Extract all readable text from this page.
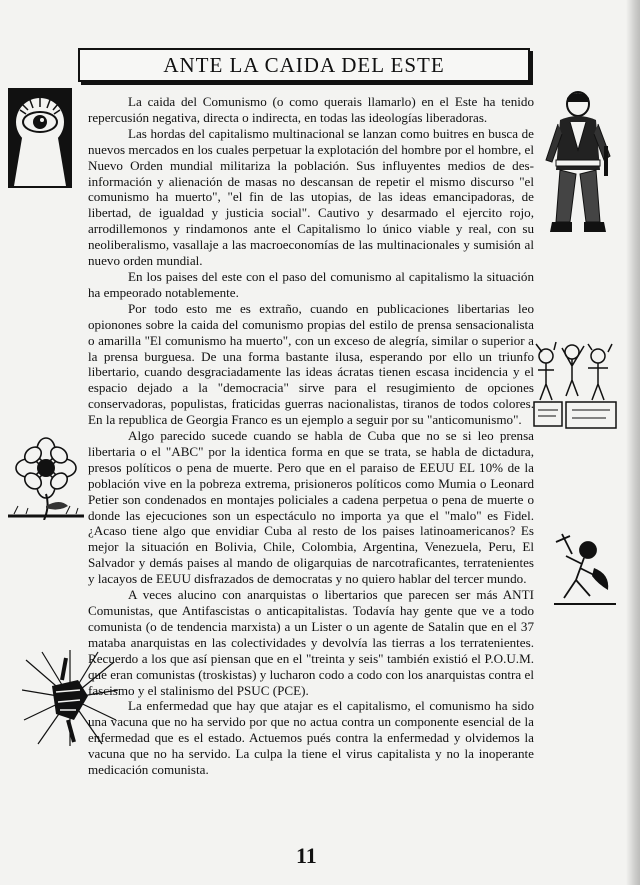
ANTE LA CAIDA DEL ESTE

La caida del Comunismo (o como querais llamarlo) en el Este ha tenido repercusión negativa, directa o indirecta, en todas las ideologías liberadoras.

Las hordas del capitalismo multinacional se lanzan como buitres en busca de nuevos mercados en los cuales perpetuar la explotación del hombre por el hombre, el Nuevo Orden mundial militariza la población. Sus influyentes medios de des-información y alienación de masas no descansan de repetir el mismo discurso "el comunismo ha muerto", "el fin de las utopias, de las ideas emancipadoras, de libertad, de igualdad y justicia social". Cautivo y desarmado el ejercito rojo, arrodillemonos y rindamonos ante el Capitalismo lo único viable y real, con su neoliberalismo, vasallaje a las macroeconomías de las multinacionales y sumisión al nuevo orden mundial.

En los paises del este con el paso del comunismo al capitalismo la situación ha empeorado notablemente.

Por todo esto me es extraño, cuando en publicaciones libertarias leo opionones sobre la caida del comunismo propias del estilo de prensa sensacionalista o amarilla "El comunismo ha muerto", con un exceso de alegría, similar o superior a la prensa burguesa. De una forma bastante ilusa, esperando por ello un triunfo libertario, cuando desgraciadamente las ideas ácratas tienen escasa incidencia y el espacio dejado a la "democracia" sirve para el resugimiento de opciones conservadoras, populistas, fraticidas guerras nacionalistas, tiranos de todos colores. En la republica de Georgia Franco es un ejemplo a seguir por su "anticomunismo".

Algo parecido sucede cuando se habla de Cuba que no se si leo prensa libertaria o el "ABC" por la identica forma en que se trata, se habla de dictadura, presos políticos o pena de muerte. Pero que en el paraiso de EEUU EL 10% de la población vive en la pobreza extrema, prisioneros políticos como Mumia o Leonard Petier son condenados en montajes policiales a cadena perpetua o pena de muerte o donde las ejecuciones son un espectáculo no importa ya que el "malo" es Fidel. ¿Acaso tiene algo que envidiar Cuba al resto de los paises latinoamericanos? Es mejor la situación en Bolivia, Chile, Colombia, Argentina, Venezuela, Peru, El Salvador y demás paises al mando de oligarquias de narcotraficantes, terratenientes y lacayos de EEUU disfrazados de democratas y no quiero hablar del tercer mundo.

A veces alucino con anarquistas o libertarios que parecen ser más ANTI Comunistas, que Antifascistas o anticapitalistas. Todavía hay gente que ve a todo comunista (o de tendencia marxista) a un Lister o un agente de Satalin que en el 37 mataba anarquistas en las colectividades y devolvía las tierras a los terratenientes. Recuerdo a los que así piensan que en el "treinta y seis" también existió el P.O.U.M. que eran comunistas (troskistas) y lucharon codo a codo con los anarquistas contra el fascismo y el stalinismo del PSUC (PCE).

La enfermedad que hay que atajar es el capitalismo, el comunismo ha sido una vacuna que no ha servido por que no actua contra un componente esencial de la enfermedad que es el estado. Actuemos pués contra la enfermedad y olvidemos la vacuna que no ha servido. La culpa la tiene el virus capitalista y no la inoperante medicación comunista.

11
